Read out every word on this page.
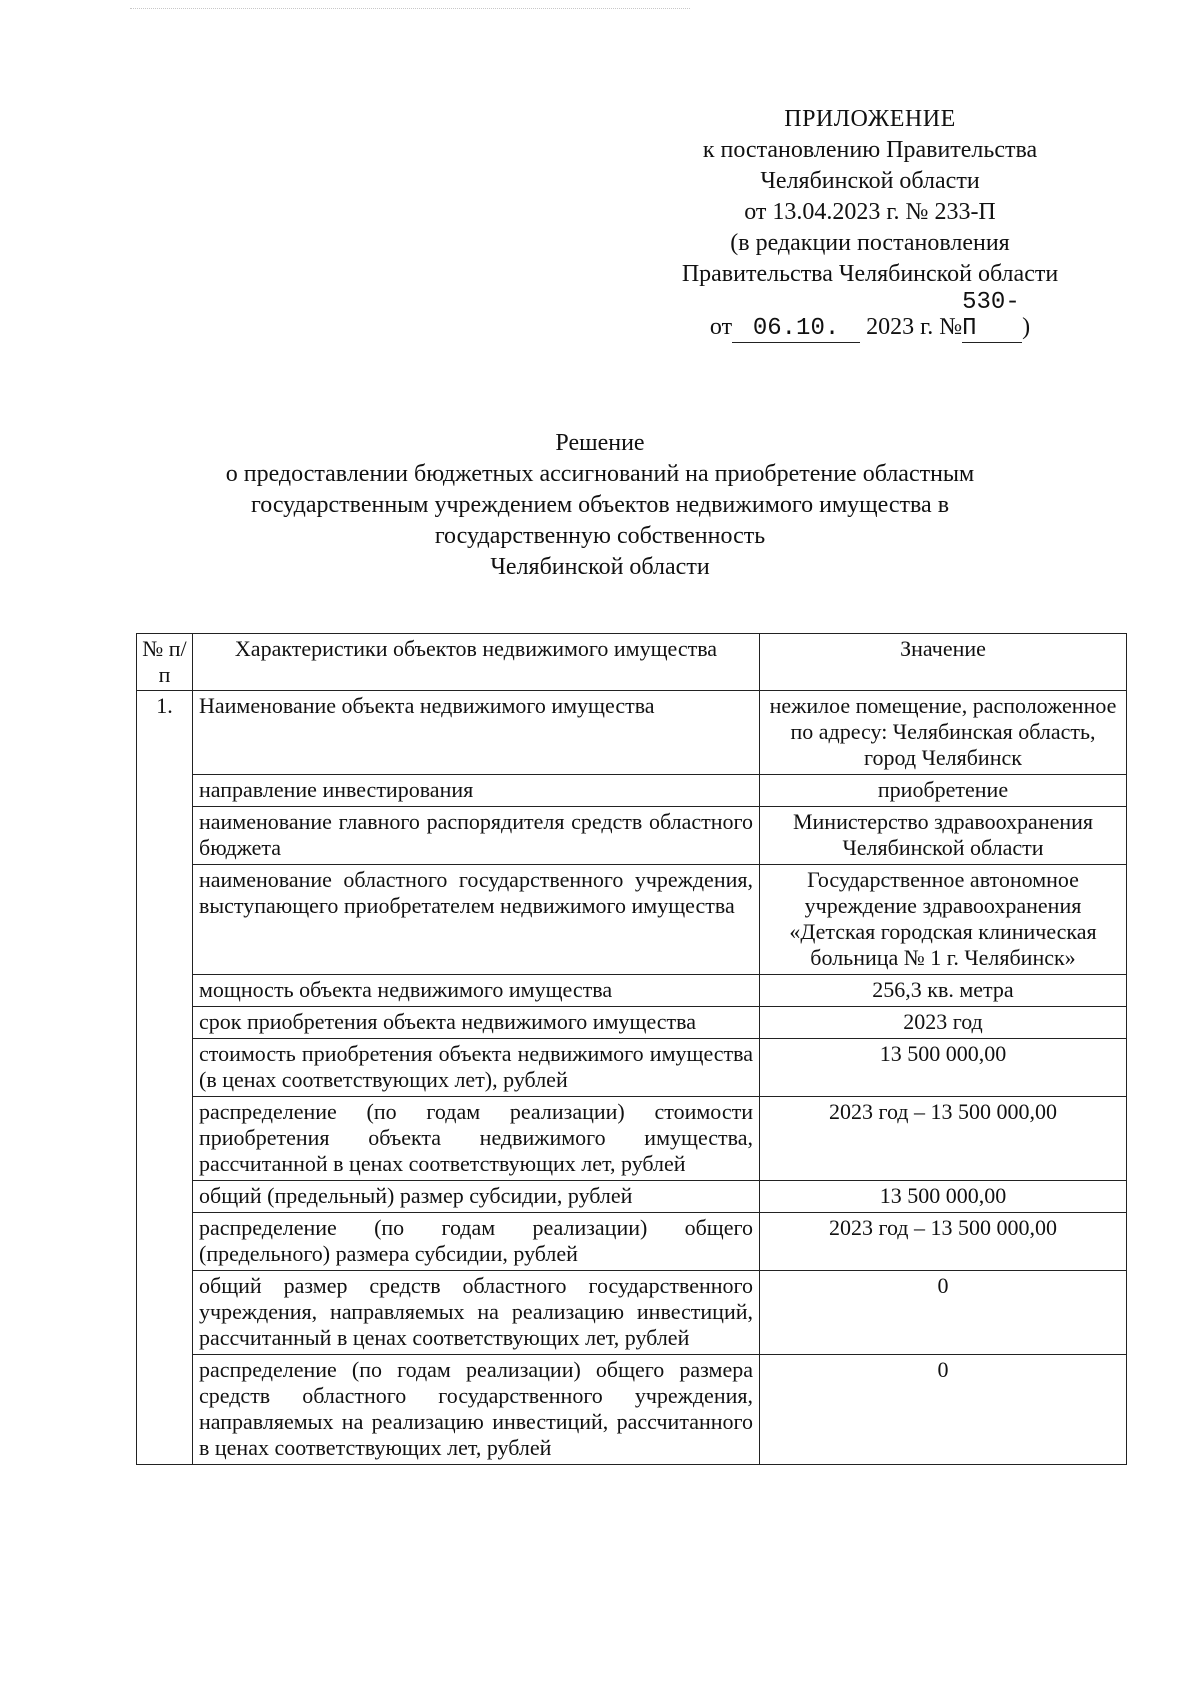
ПРИЛОЖЕНИЕ
к постановлению Правительства
Челябинской области
от 13.04.2023 г. № 233-П
(в редакции постановления
Правительства Челябинской области
от 06.10. 2023 г. №530-П )
Решение
о предоставлении бюджетных ассигнований на приобретение областным
государственным учреждением объектов недвижимого имущества в
государственную собственность
Челябинской области
№ п/п	Характеристики объектов недвижимого имущества	Значение
1.	Наименование объекта недвижимого имущества	нежилое помещение, расположенное по адресу: Челябинская область, город Челябинск
	направление инвестирования	приобретение
	наименование главного распорядителя средств областного бюджета	Министерство здравоохранения Челябинской области
	наименование областного государственного учреждения, выступающего приобретателем недвижимого имущества	Государственное автономное учреждение здравоохранения «Детская городская клиническая больница № 1 г. Челябинск»
	мощность объекта недвижимого имущества	256,3 кв. метра
	срок приобретения объекта недвижимого имущества	2023 год
	стоимость приобретения объекта недвижимого имущества (в ценах соответствующих лет), рублей	13 500 000,00
	распределение (по годам реализации) стоимости приобретения объекта недвижимого имущества, рассчитанной в ценах соответствующих лет, рублей	2023 год – 13 500 000,00
	общий (предельный) размер субсидии, рублей	13 500 000,00
	распределение (по годам реализации) общего (предельного) размера субсидии, рублей	2023 год – 13 500 000,00
	общий размер средств областного государственного учреждения, направляемых на реализацию инвестиций, рассчитанный в ценах соответствующих лет, рублей	0
	распределение (по годам реализации) общего размера средств областного государственного учреждения, направляемых на реализацию инвестиций, рассчитанного в ценах соответствующих лет, рублей	0
